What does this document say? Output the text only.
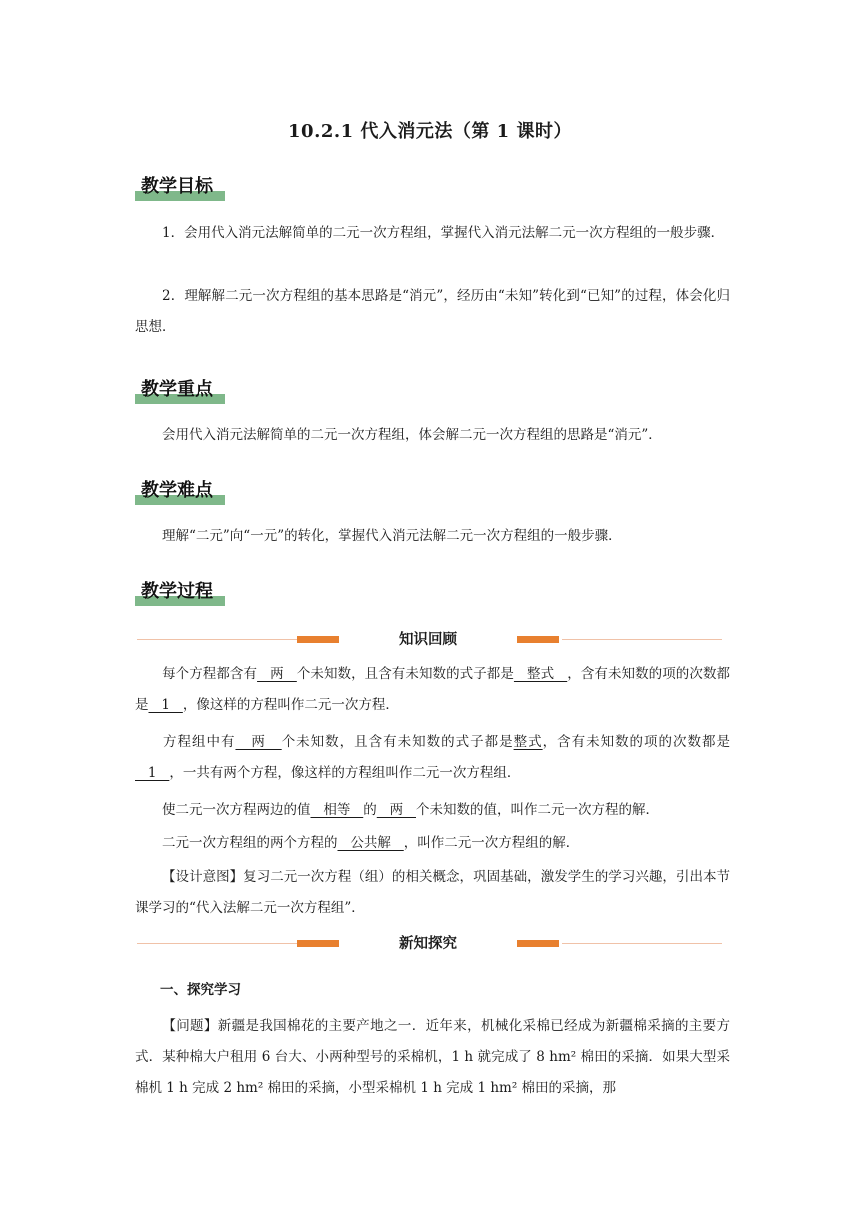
10.2.1 代入消元法（第 1 课时）
教学目标
1．会用代入消元法解简单的二元一次方程组，掌握代入消元法解二元一次方程组的一般步骤．
2．理解解二元一次方程组的基本思路是“消元”，经历由“未知”转化到“已知”的过程，体会化归思想．
教学重点
会用代入消元法解简单的二元一次方程组，体会解二元一次方程组的思路是“消元”．
教学难点
理解“二元”向“一元”的转化，掌握代入消元法解二元一次方程组的一般步骤．
教学过程
知识回顾
每个方程都含有   两   个未知数，且含有未知数的式子都是   整式   ，含有未知数的项的次数都是   1   ，像这样的方程叫作二元一次方程．
方程组中有   两   个未知数，且含有未知数的式子都是整式，含有未知数的项的次数都是   1   ，一共有两个方程，像这样的方程组叫作二元一次方程组．
使二元一次方程两边的值   相等   的   两   个未知数的值，叫作二元一次方程的解．
二元一次方程组的两个方程的   公共解   ，叫作二元一次方程组的解．
【设计意图】复习二元一次方程（组）的相关概念，巩固基础，激发学生的学习兴趣，引出本节课学习的“代入法解二元一次方程组”．
新知探究
一、探究学习
【问题】新疆是我国棉花的主要产地之一．近年来，机械化采棉已经成为新疆棉采摘的主要方式．某种棉大户租用 6 台大、小两种型号的采棉机，1 h 就完成了 8 hm² 棉田的采摘．如果大型采棉机 1 h 完成 2 hm² 棉田的采摘，小型采棉机 1 h 完成 1 hm² 棉田的采摘，那
